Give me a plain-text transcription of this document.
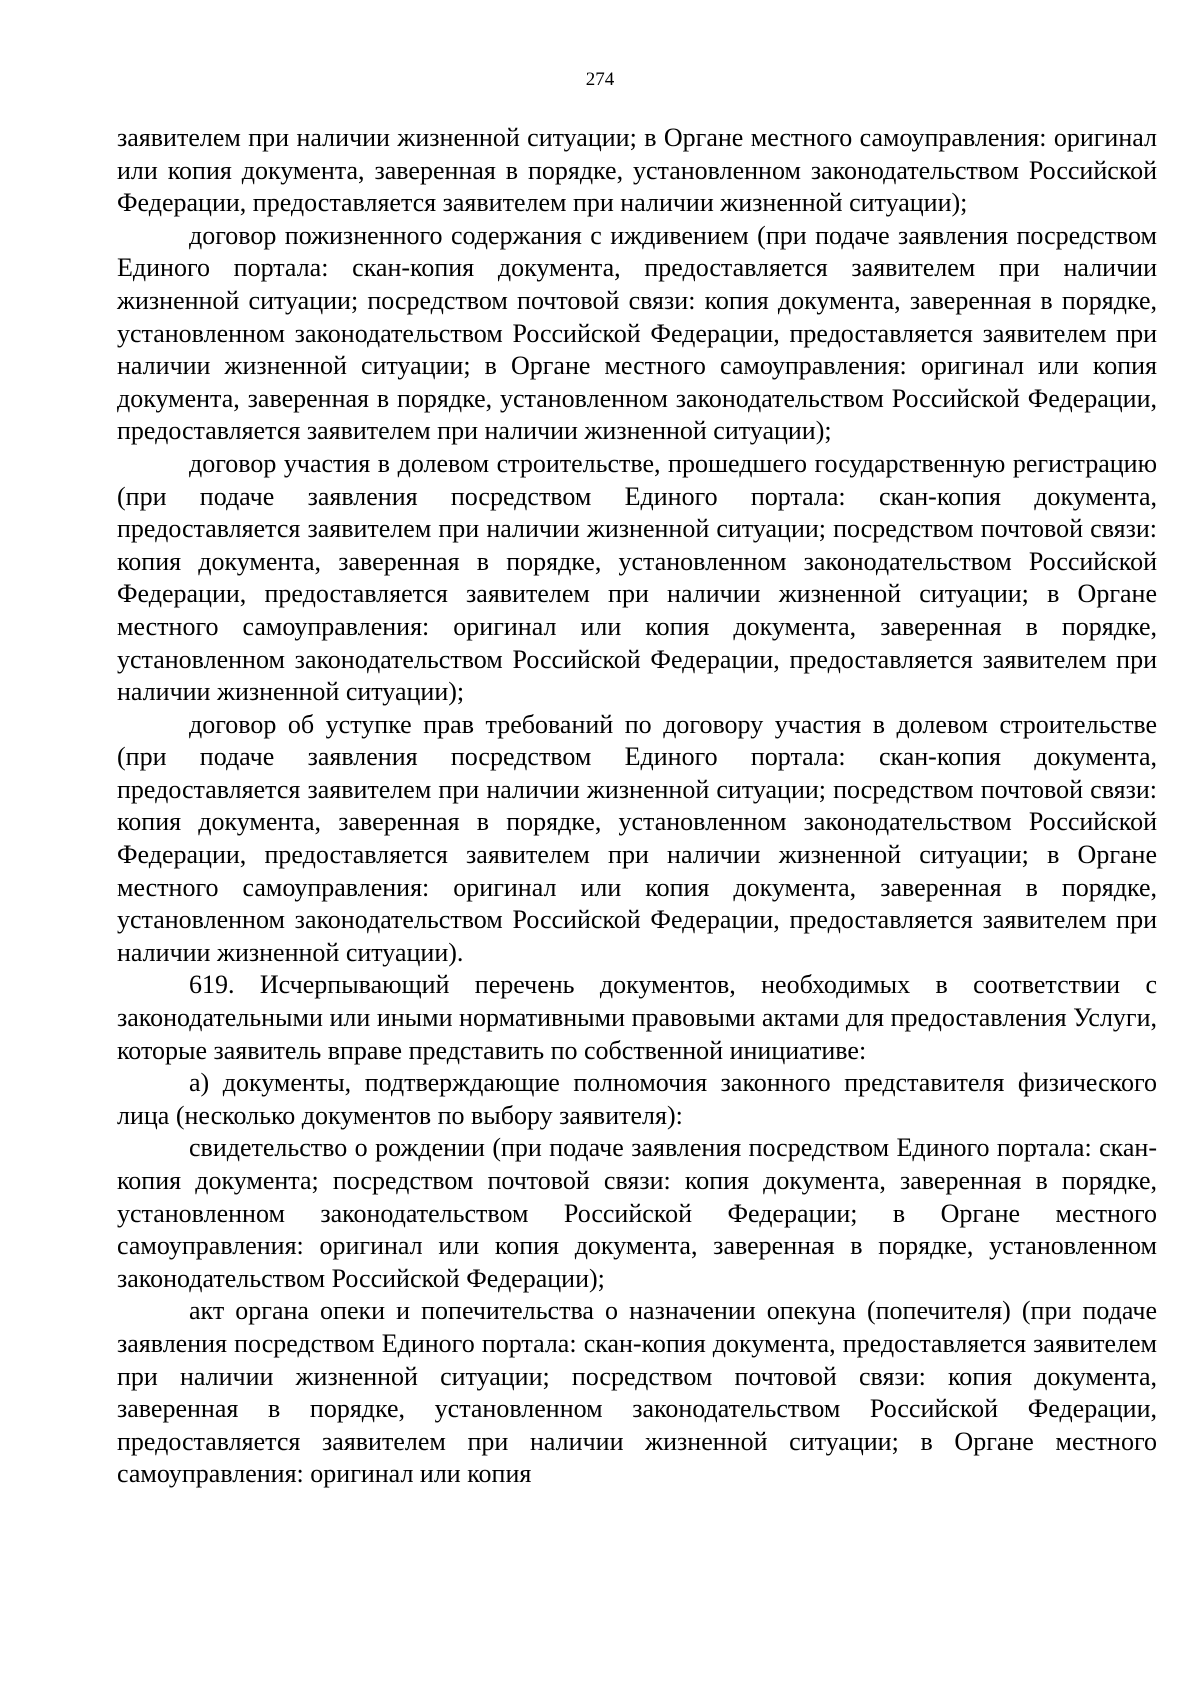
274

заявителем при наличии жизненной ситуации; в Органе местного самоуправления: оригинал или копия документа, заверенная в порядке, установленном законодательством Российской Федерации, предоставляется заявителем при наличии жизненной ситуации);

договор пожизненного содержания с иждивением (при подаче заявления посредством Единого портала: скан-копия документа, предоставляется заявителем при наличии жизненной ситуации; посредством почтовой связи: копия документа, заверенная в порядке, установленном законодательством Российской Федерации, предоставляется заявителем при наличии жизненной ситуации; в Органе местного самоуправления: оригинал или копия документа, заверенная в порядке, установленном законодательством Российской Федерации, предоставляется заявителем при наличии жизненной ситуации);

договор участия в долевом строительстве, прошедшего государственную регистрацию (при подаче заявления посредством Единого портала: скан-копия документа, предоставляется заявителем при наличии жизненной ситуации; посредством почтовой связи: копия документа, заверенная в порядке, установленном законодательством Российской Федерации, предоставляется заявителем при наличии жизненной ситуации; в Органе местного самоуправления: оригинал или копия документа, заверенная в порядке, установленном законодательством Российской Федерации, предоставляется заявителем при наличии жизненной ситуации);

договор об уступке прав требований по договору участия в долевом строительстве (при подаче заявления посредством Единого портала: скан-копия документа, предоставляется заявителем при наличии жизненной ситуации; посредством почтовой связи: копия документа, заверенная в порядке, установленном законодательством Российской Федерации, предоставляется заявителем при наличии жизненной ситуации; в Органе местного самоуправления: оригинал или копия документа, заверенная в порядке, установленном законодательством Российской Федерации, предоставляется заявителем при наличии жизненной ситуации).

619. Исчерпывающий перечень документов, необходимых в соответствии с законодательными или иными нормативными правовыми актами для предоставления Услуги, которые заявитель вправе представить по собственной инициативе:

а) документы, подтверждающие полномочия законного представителя физического лица (несколько документов по выбору заявителя):

свидетельство о рождении (при подаче заявления посредством Единого портала: скан-копия документа; посредством почтовой связи: копия документа, заверенная в порядке, установленном законодательством Российской Федерации; в Органе местного самоуправления: оригинал или копия документа, заверенная в порядке, установленном законодательством Российской Федерации);

акт органа опеки и попечительства о назначении опекуна (попечителя) (при подаче заявления посредством Единого портала: скан-копия документа, предоставляется заявителем при наличии жизненной ситуации; посредством почтовой связи: копия документа, заверенная в порядке, установленном законодательством Российской Федерации, предоставляется заявителем при наличии жизненной ситуации; в Органе местного самоуправления: оригинал или копия
